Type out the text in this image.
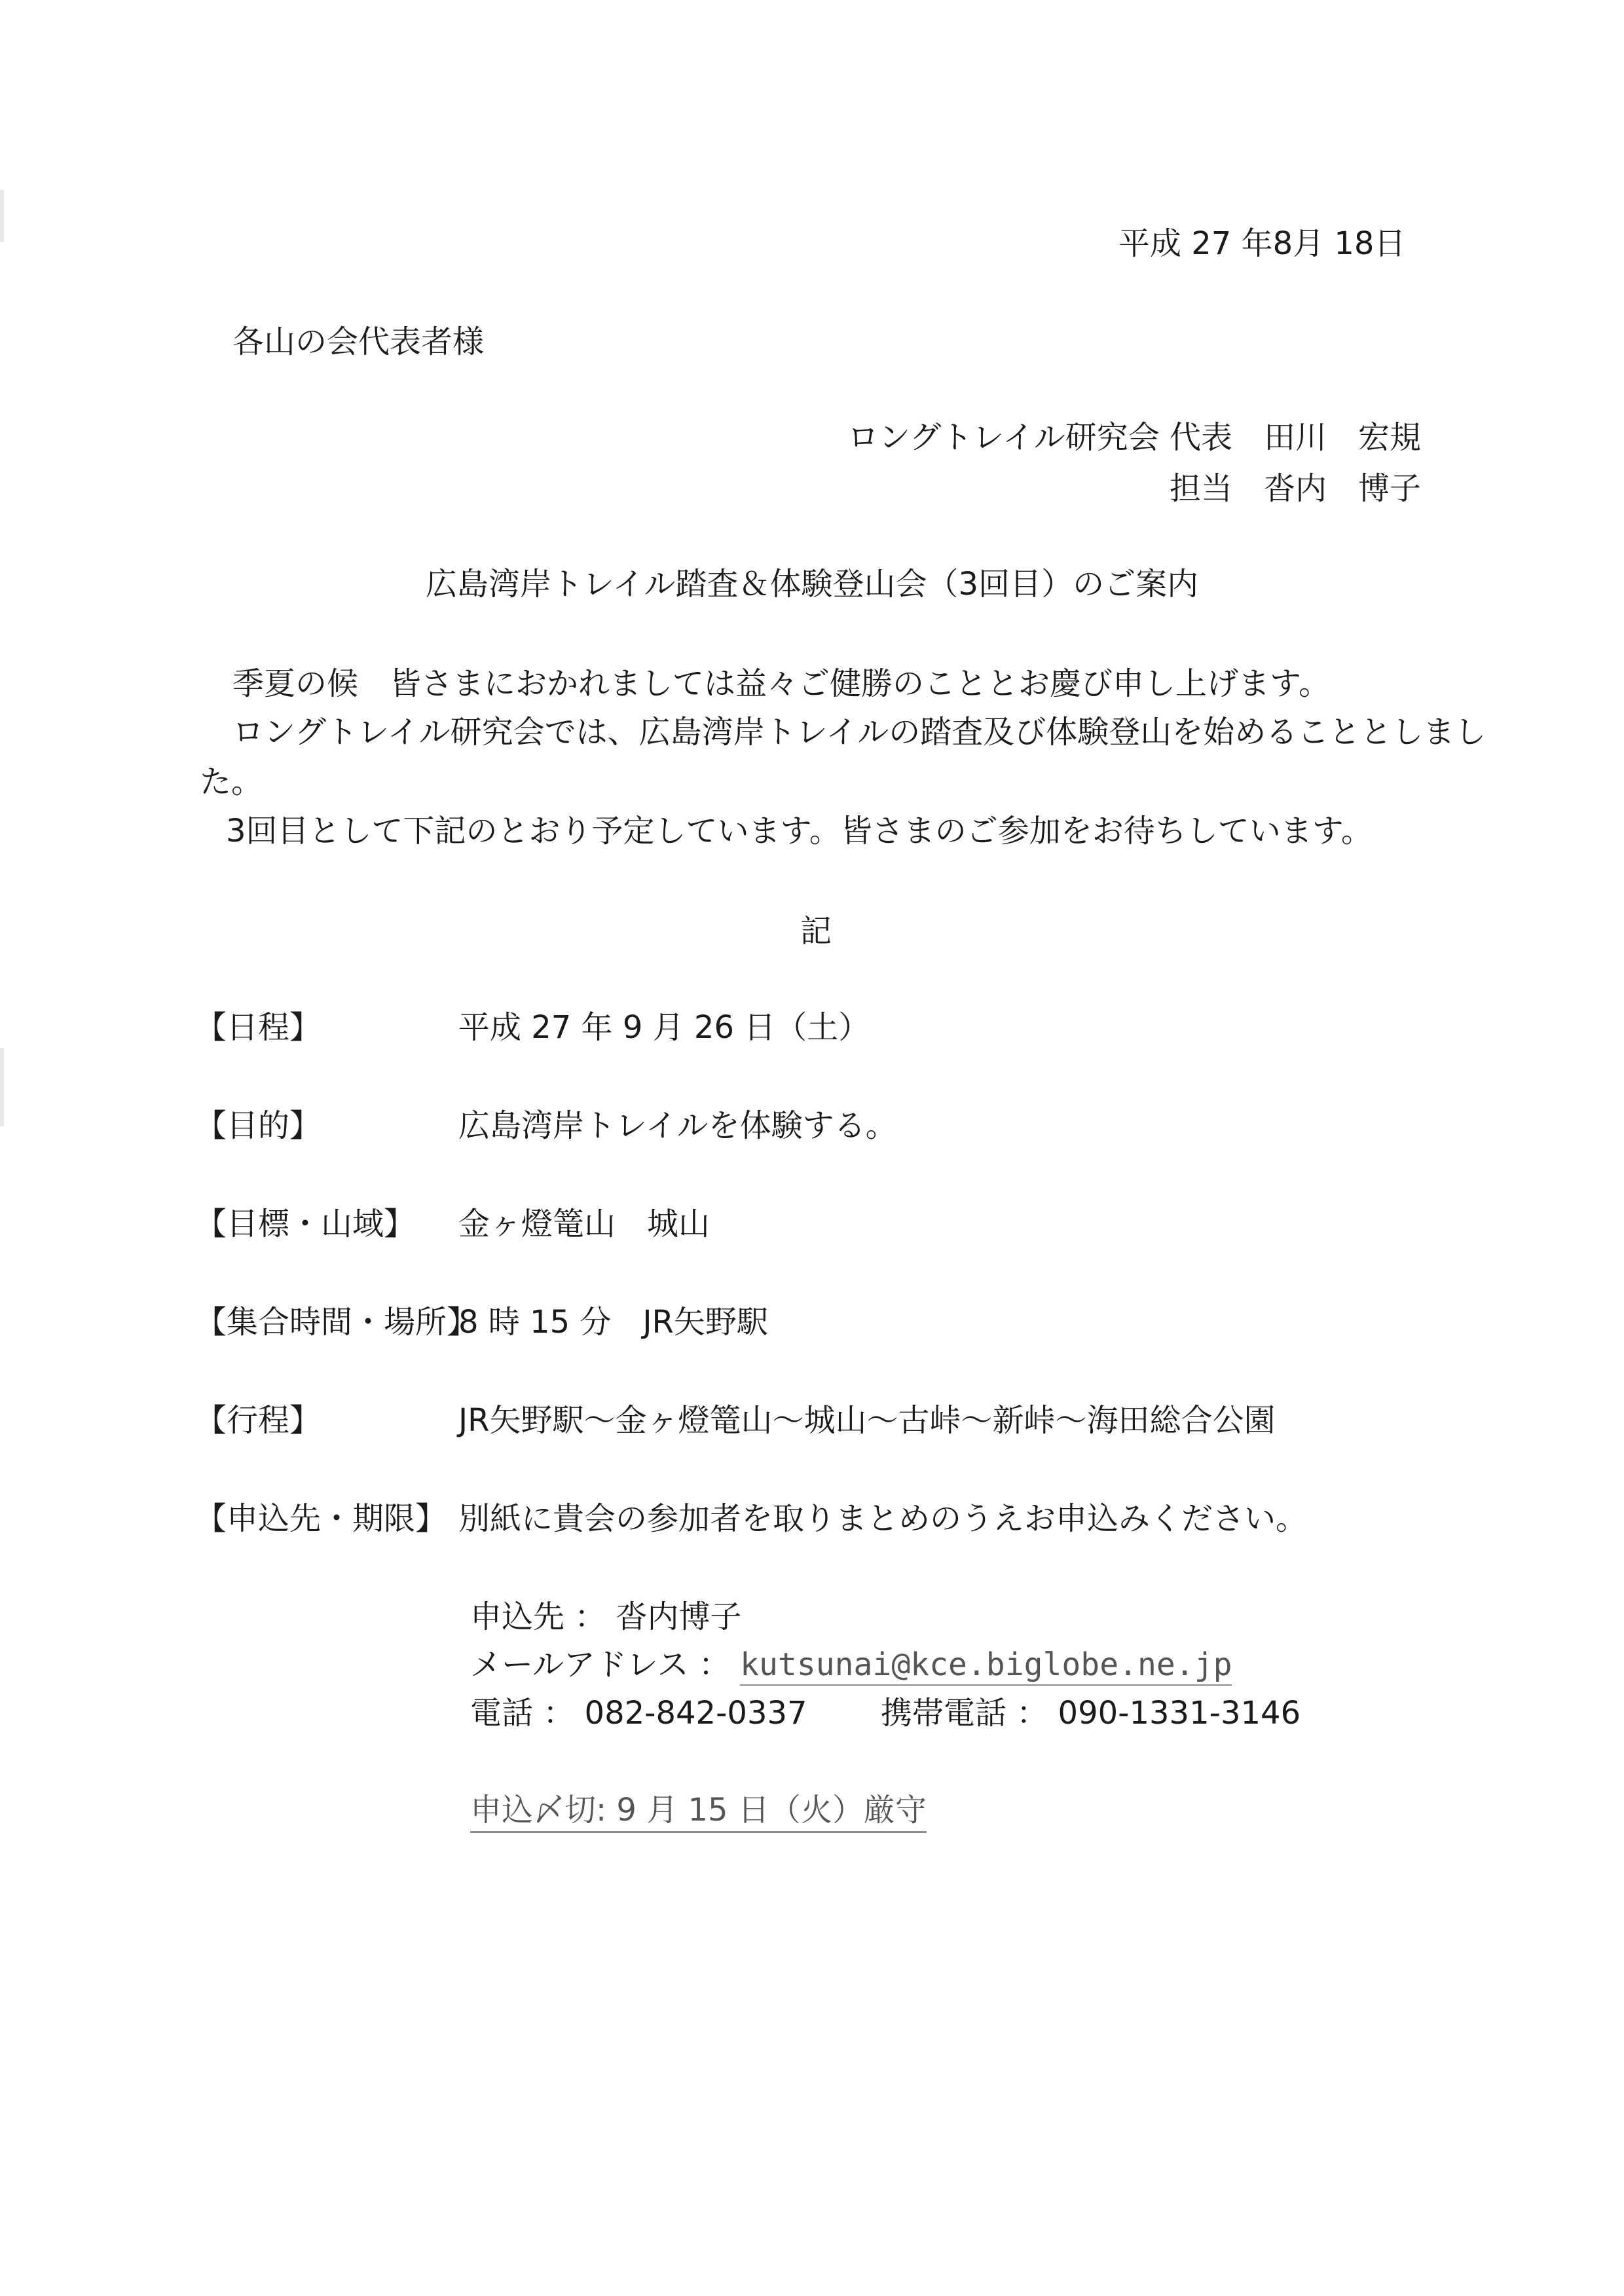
平成 27 年8月 18日
各山の会代表者様
ロングトレイル研究会 代表　田川　宏規
担当　沓内　博子
広島湾岸トレイル踏査＆体験登山会（3回目）のご案内
季夏の候　皆さまにおかれましては益々ご健勝のこととお慶び申し上げます。
ロングトレイル研究会では、広島湾岸トレイルの踏査及び体験登山を始めることとしまし
た。
3回目として下記のとおり予定しています。皆さまのご参加をお待ちしています。
記
【日程】	平成 27 年 9 月 26 日（土）
【目的】	広島湾岸トレイルを体験する。
【目標・山域】 金ヶ燈篭山　城山
【集合時間・場所】
8 時 15 分　JR矢野駅
【行程】	JR矢野駅～金ヶ燈篭山～城山～古峠～新峠～海田総合公園
【申込先・期限】 別紙に貴会の参加者を取りまとめのうえお申込みください。
申込先 ： 沓内博子
メールアドレス ： kutsunai@kce.biglobe.ne.jp
電話 ： 082-842-0337 携帯電話 ： 090-1331-3146
申込〆切: 9 月 15 日（火）厳守
